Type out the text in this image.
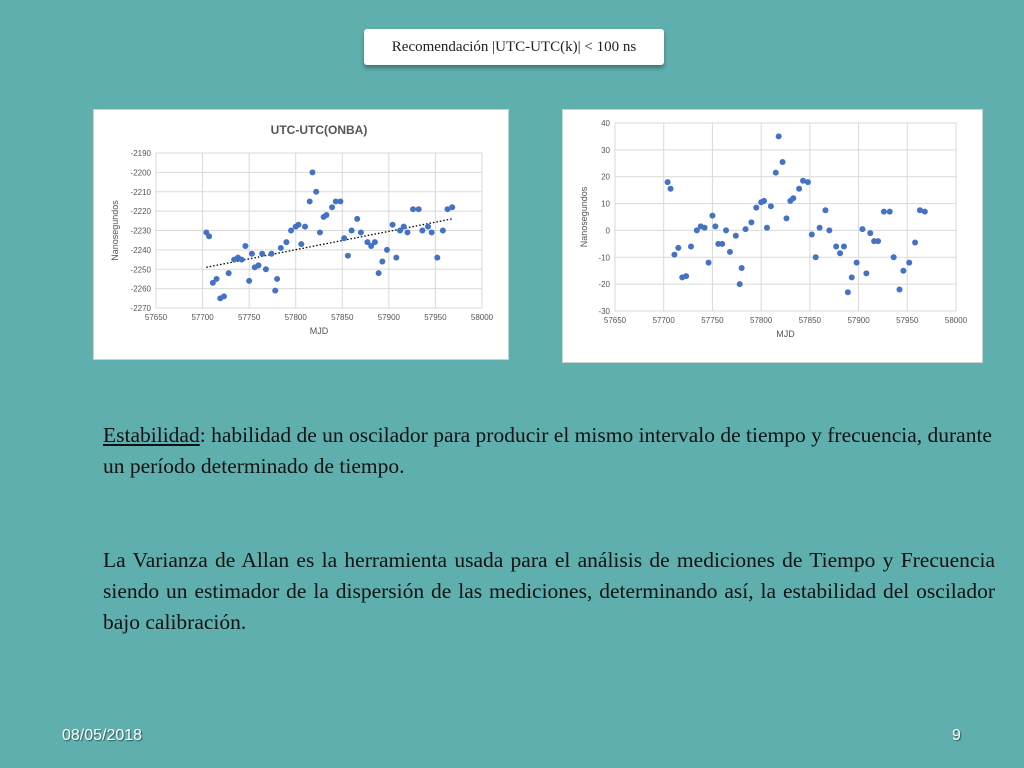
Recomendación |UTC-UTC(k)| < 100 ns
UTC-UTC(ONBA)
-2190
-2200
-2210
-2220
-2230
-2240
-2250
-2260
-2270
57650	57700	57750	57800	57850	57900	57950	58000
MJD
Nanosegundos
40
30
20
10
0
-10
-20
-30
57650	57700	57750	57800	57850	57900	57950	58000
MJD
Nanosegundos
Estabilidad: habilidad de un oscilador para producir el mismo intervalo de tiempo y frecuencia, durante un período determinado de tiempo.
La Varianza de Allan es la herramienta usada para el análisis de mediciones de Tiempo y Frecuencia siendo un estimador de la dispersión de las mediciones, determinando así, la estabilidad del oscilador bajo calibración.
08/05/2018	9
